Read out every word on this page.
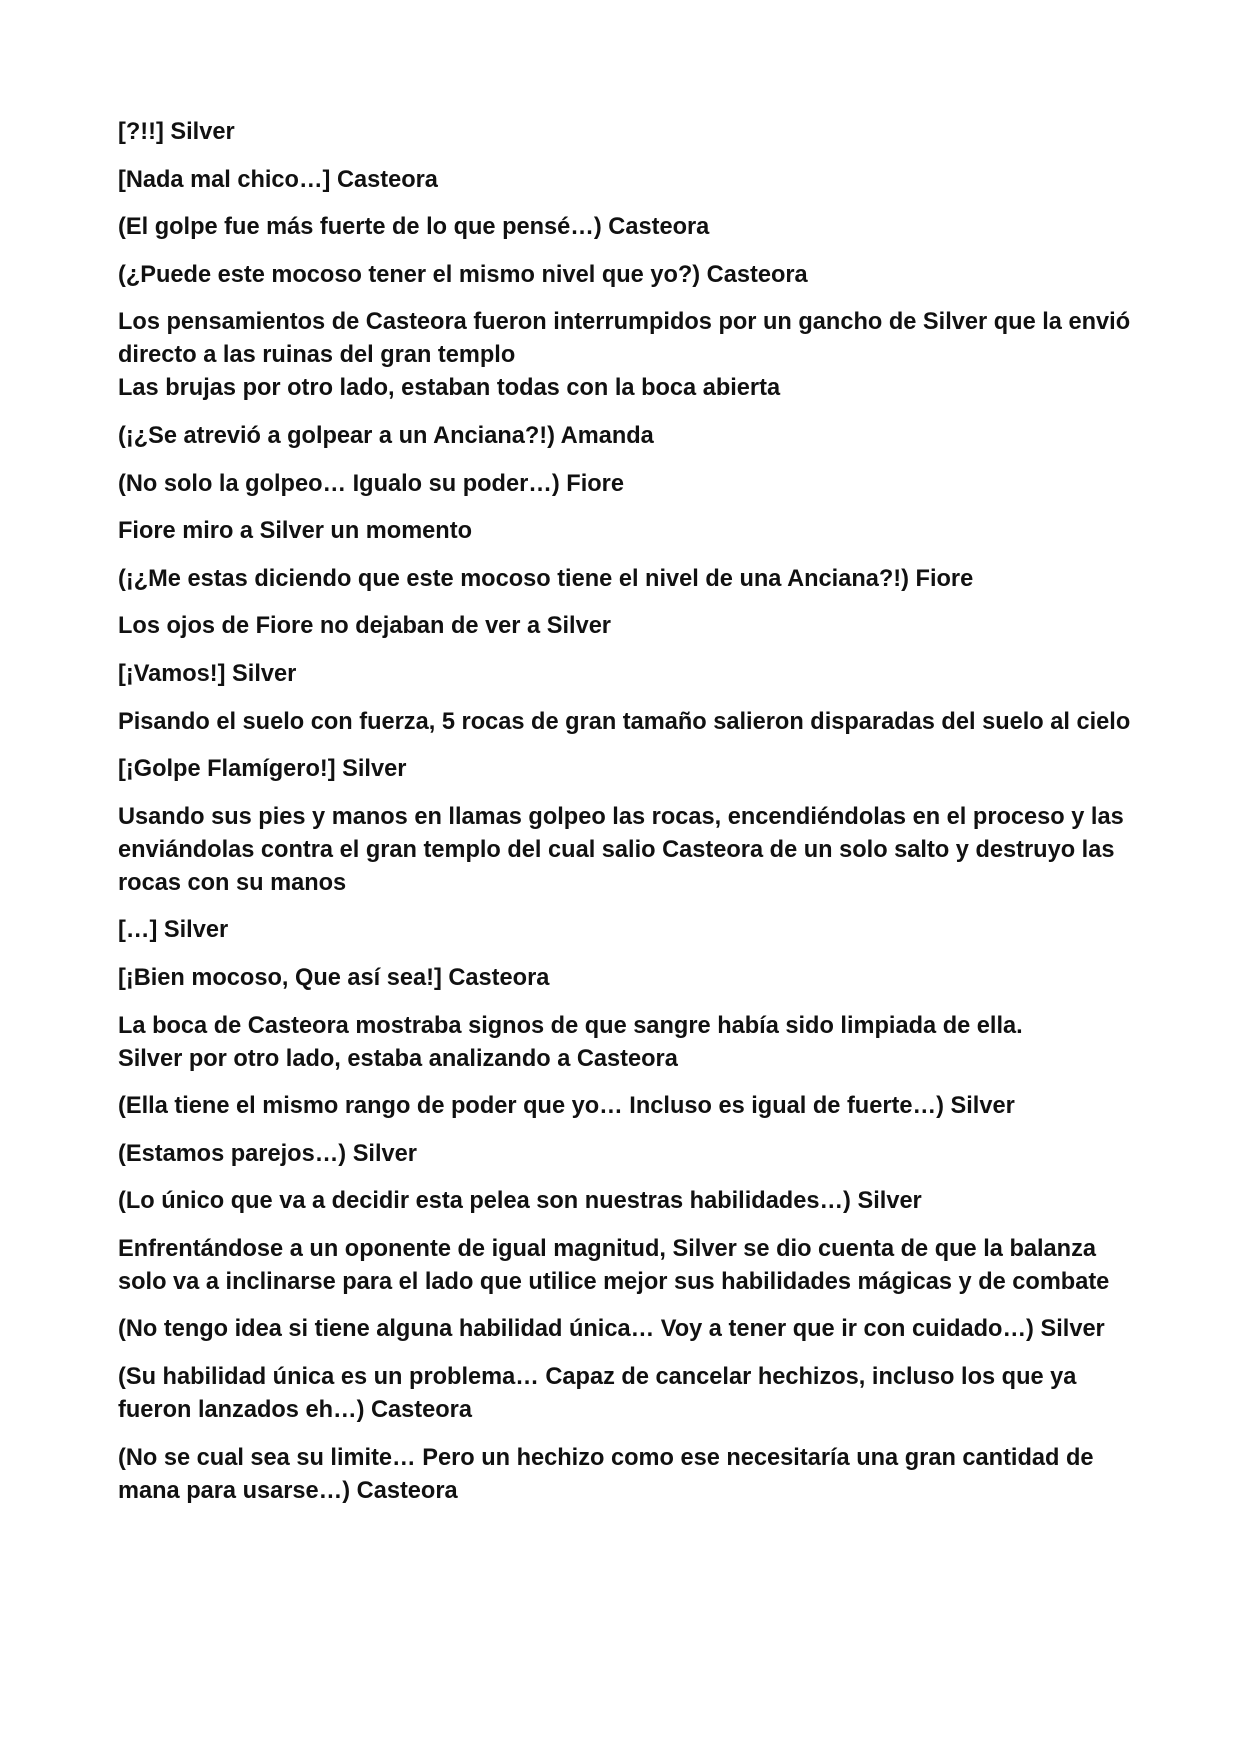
[?!!] Silver

[Nada mal chico…] Casteora

(El golpe fue más fuerte de lo que pensé…) Casteora

(¿Puede este mocoso tener el mismo nivel que yo?) Casteora

Los pensamientos de Casteora fueron interrumpidos por un gancho de Silver que la envió directo a las ruinas del gran templo

Las brujas por otro lado, estaban todas con la boca abierta

(¡¿Se atrevió a golpear a un Anciana?!) Amanda

(No solo la golpeo… Igualo su poder…) Fiore

Fiore miro a Silver un momento

(¡¿Me estas diciendo que este mocoso tiene el nivel de una Anciana?!) Fiore

Los ojos de Fiore no dejaban de ver a Silver

[¡Vamos!] Silver

Pisando el suelo con fuerza, 5 rocas de gran tamaño salieron disparadas del suelo al cielo

[¡Golpe Flamígero!] Silver

Usando sus pies y manos en llamas golpeo las rocas, encendiéndolas en el proceso y las enviándolas contra el gran templo del cual salio Casteora de un solo salto y destruyo las rocas con su manos

[…] Silver

[¡Bien mocoso, Que así sea!] Casteora

La boca de Casteora mostraba signos de que sangre había sido limpiada de ella.

Silver por otro lado, estaba analizando a Casteora

(Ella tiene el mismo rango de poder que yo… Incluso es igual de fuerte…) Silver

(Estamos parejos…) Silver

(Lo único que va a decidir esta pelea son nuestras habilidades…) Silver

Enfrentándose a un oponente de igual magnitud, Silver se dio cuenta de que la balanza solo va a inclinarse para el lado que utilice mejor sus habilidades mágicas y de combate

(No tengo idea si tiene alguna habilidad única… Voy a tener que ir con cuidado…) Silver

(Su habilidad única es un problema… Capaz de cancelar hechizos, incluso los que ya fueron lanzados eh…) Casteora

(No se cual sea su limite… Pero un hechizo como ese necesitaría una gran cantidad de mana para usarse…) Casteora
